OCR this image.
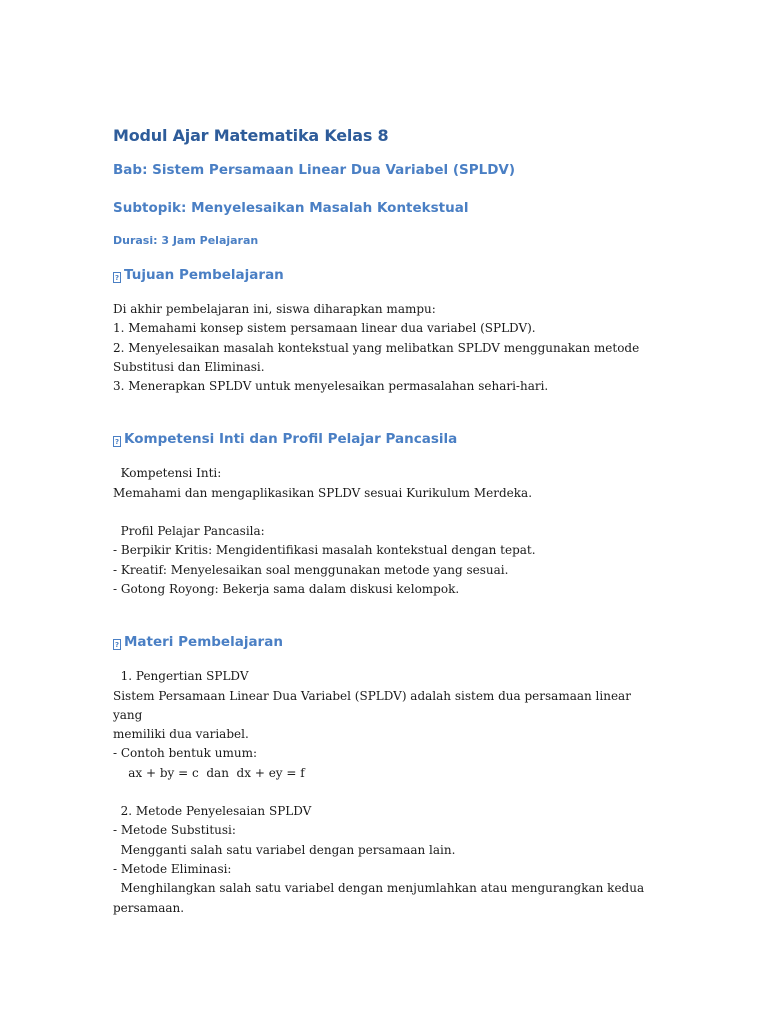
Modul Ajar Matematika Kelas 8
Bab: Sistem Persamaan Linear Dua Variabel (SPLDV)
Subtopik: Menyelesaikan Masalah Kontekstual
Durasi: 3 Jam Pelajaran
? Tujuan Pembelajaran

Di akhir pembelajaran ini, siswa diharapkan mampu:
1. Memahami konsep sistem persamaan linear dua variabel (SPLDV).
2. Menyelesaikan masalah kontekstual yang melibatkan SPLDV menggunakan metode
Substitusi dan Eliminasi.
3. Menerapkan SPLDV untuk menyelesaikan permasalahan sehari-hari.

? Kompetensi Inti dan Profil Pelajar Pancasila

Kompetensi Inti:
Memahami dan mengaplikasikan SPLDV sesuai Kurikulum Merdeka.

Profil Pelajar Pancasila:
- Berpikir Kritis: Mengidentifikasi masalah kontekstual dengan tepat.
- Kreatif: Menyelesaikan soal menggunakan metode yang sesuai.
- Gotong Royong: Bekerja sama dalam diskusi kelompok.

? Materi Pembelajaran

1. Pengertian SPLDV
Sistem Persamaan Linear Dua Variabel (SPLDV) adalah sistem dua persamaan linear yang
memiliki dua variabel.
- Contoh bentuk umum:
ax + by = c  dan  dx + ey = f

2. Metode Penyelesaian SPLDV
- Metode Substitusi:
Mengganti salah satu variabel dengan persamaan lain.
- Metode Eliminasi:
Menghilangkan salah satu variabel dengan menjumlahkan atau mengurangkan kedua
persamaan.
